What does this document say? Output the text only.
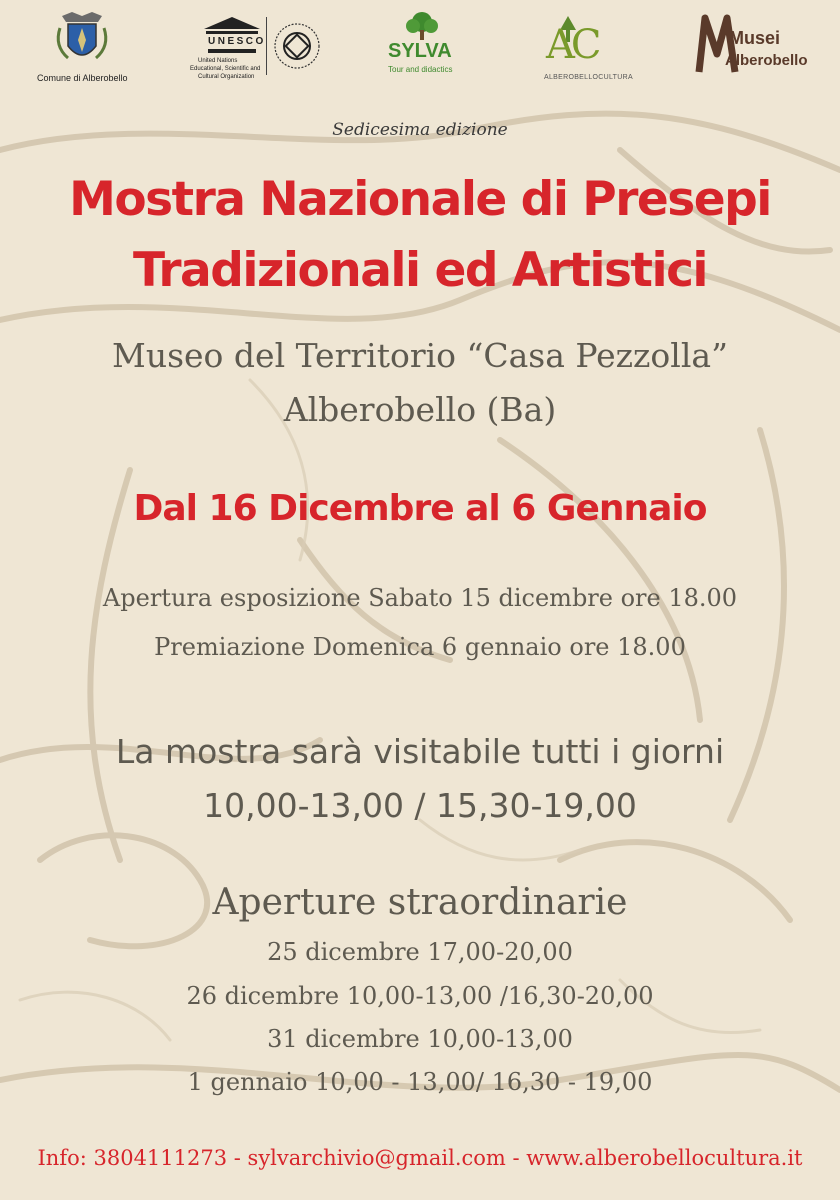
Comune di Alberobello
UNESCO
United Nations
Educational, Scientific and
Cultural Organization
SYLVA
Tour and didactics
AC
ALBEROBELLOCULTURA
Musei
Alberobello
Sedicesima edizione
Mostra Nazionale di Presepi
Tradizionali ed Artistici
Museo del Territorio “Casa Pezzolla”
Alberobello (Ba)
Dal 16 Dicembre al 6 Gennaio
Apertura esposizione Sabato 15 dicembre ore 18.00
Premiazione Domenica 6 gennaio ore 18.00
La mostra sarà visitabile tutti i giorni
10,00-13,00 / 15,30-19,00
Aperture straordinarie
25 dicembre 17,00-20,00
26 dicembre 10,00-13,00 /16,30-20,00
31 dicembre 10,00-13,00
1 gennaio 10,00 - 13,00/ 16,30 - 19,00
Info: 3804111273 - sylvarchivio@gmail.com - www.alberobellocultura.it
